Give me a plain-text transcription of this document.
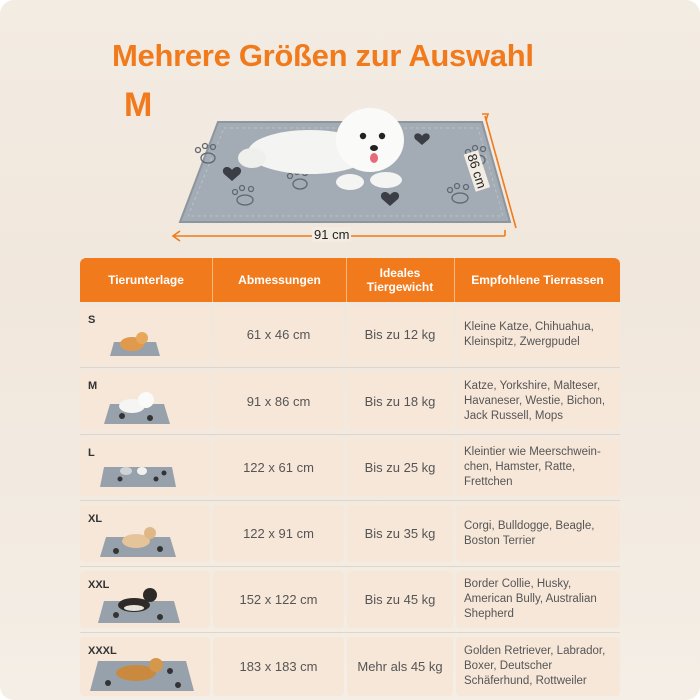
Mehrere Größen zur Auswahl
M
91 cm
86 cm
Tierunterlage	Abmessungen	Ideales Tiergewicht	Empfohlene Tierrassen
S
61 x 46 cm	Bis zu 12 kg
Kleine Katze, Chihuahua, Kleinspitz, Zwergpudel
M
91 x 86 cm	Bis zu 18 kg
Katze, Yorkshire, Malteser, Havaneser, Westie, Bichon, Jack Russell, Mops
L
122 x 61 cm	Bis zu 25 kg
Kleintier wie Meerschwein-chen, Hamster, Ratte, Frettchen
XL
122 x 91 cm	Bis zu 35 kg
Corgi, Bulldogge, Beagle, Boston Terrier
XXL
152 x 122 cm	Bis zu 45 kg
Border Collie, Husky, American Bully, Australian Shepherd
XXXL
183 x 183 cm	Mehr als 45 kg
Golden Retriever, Labrador, Boxer, Deutscher Schäferhund, Rottweiler
